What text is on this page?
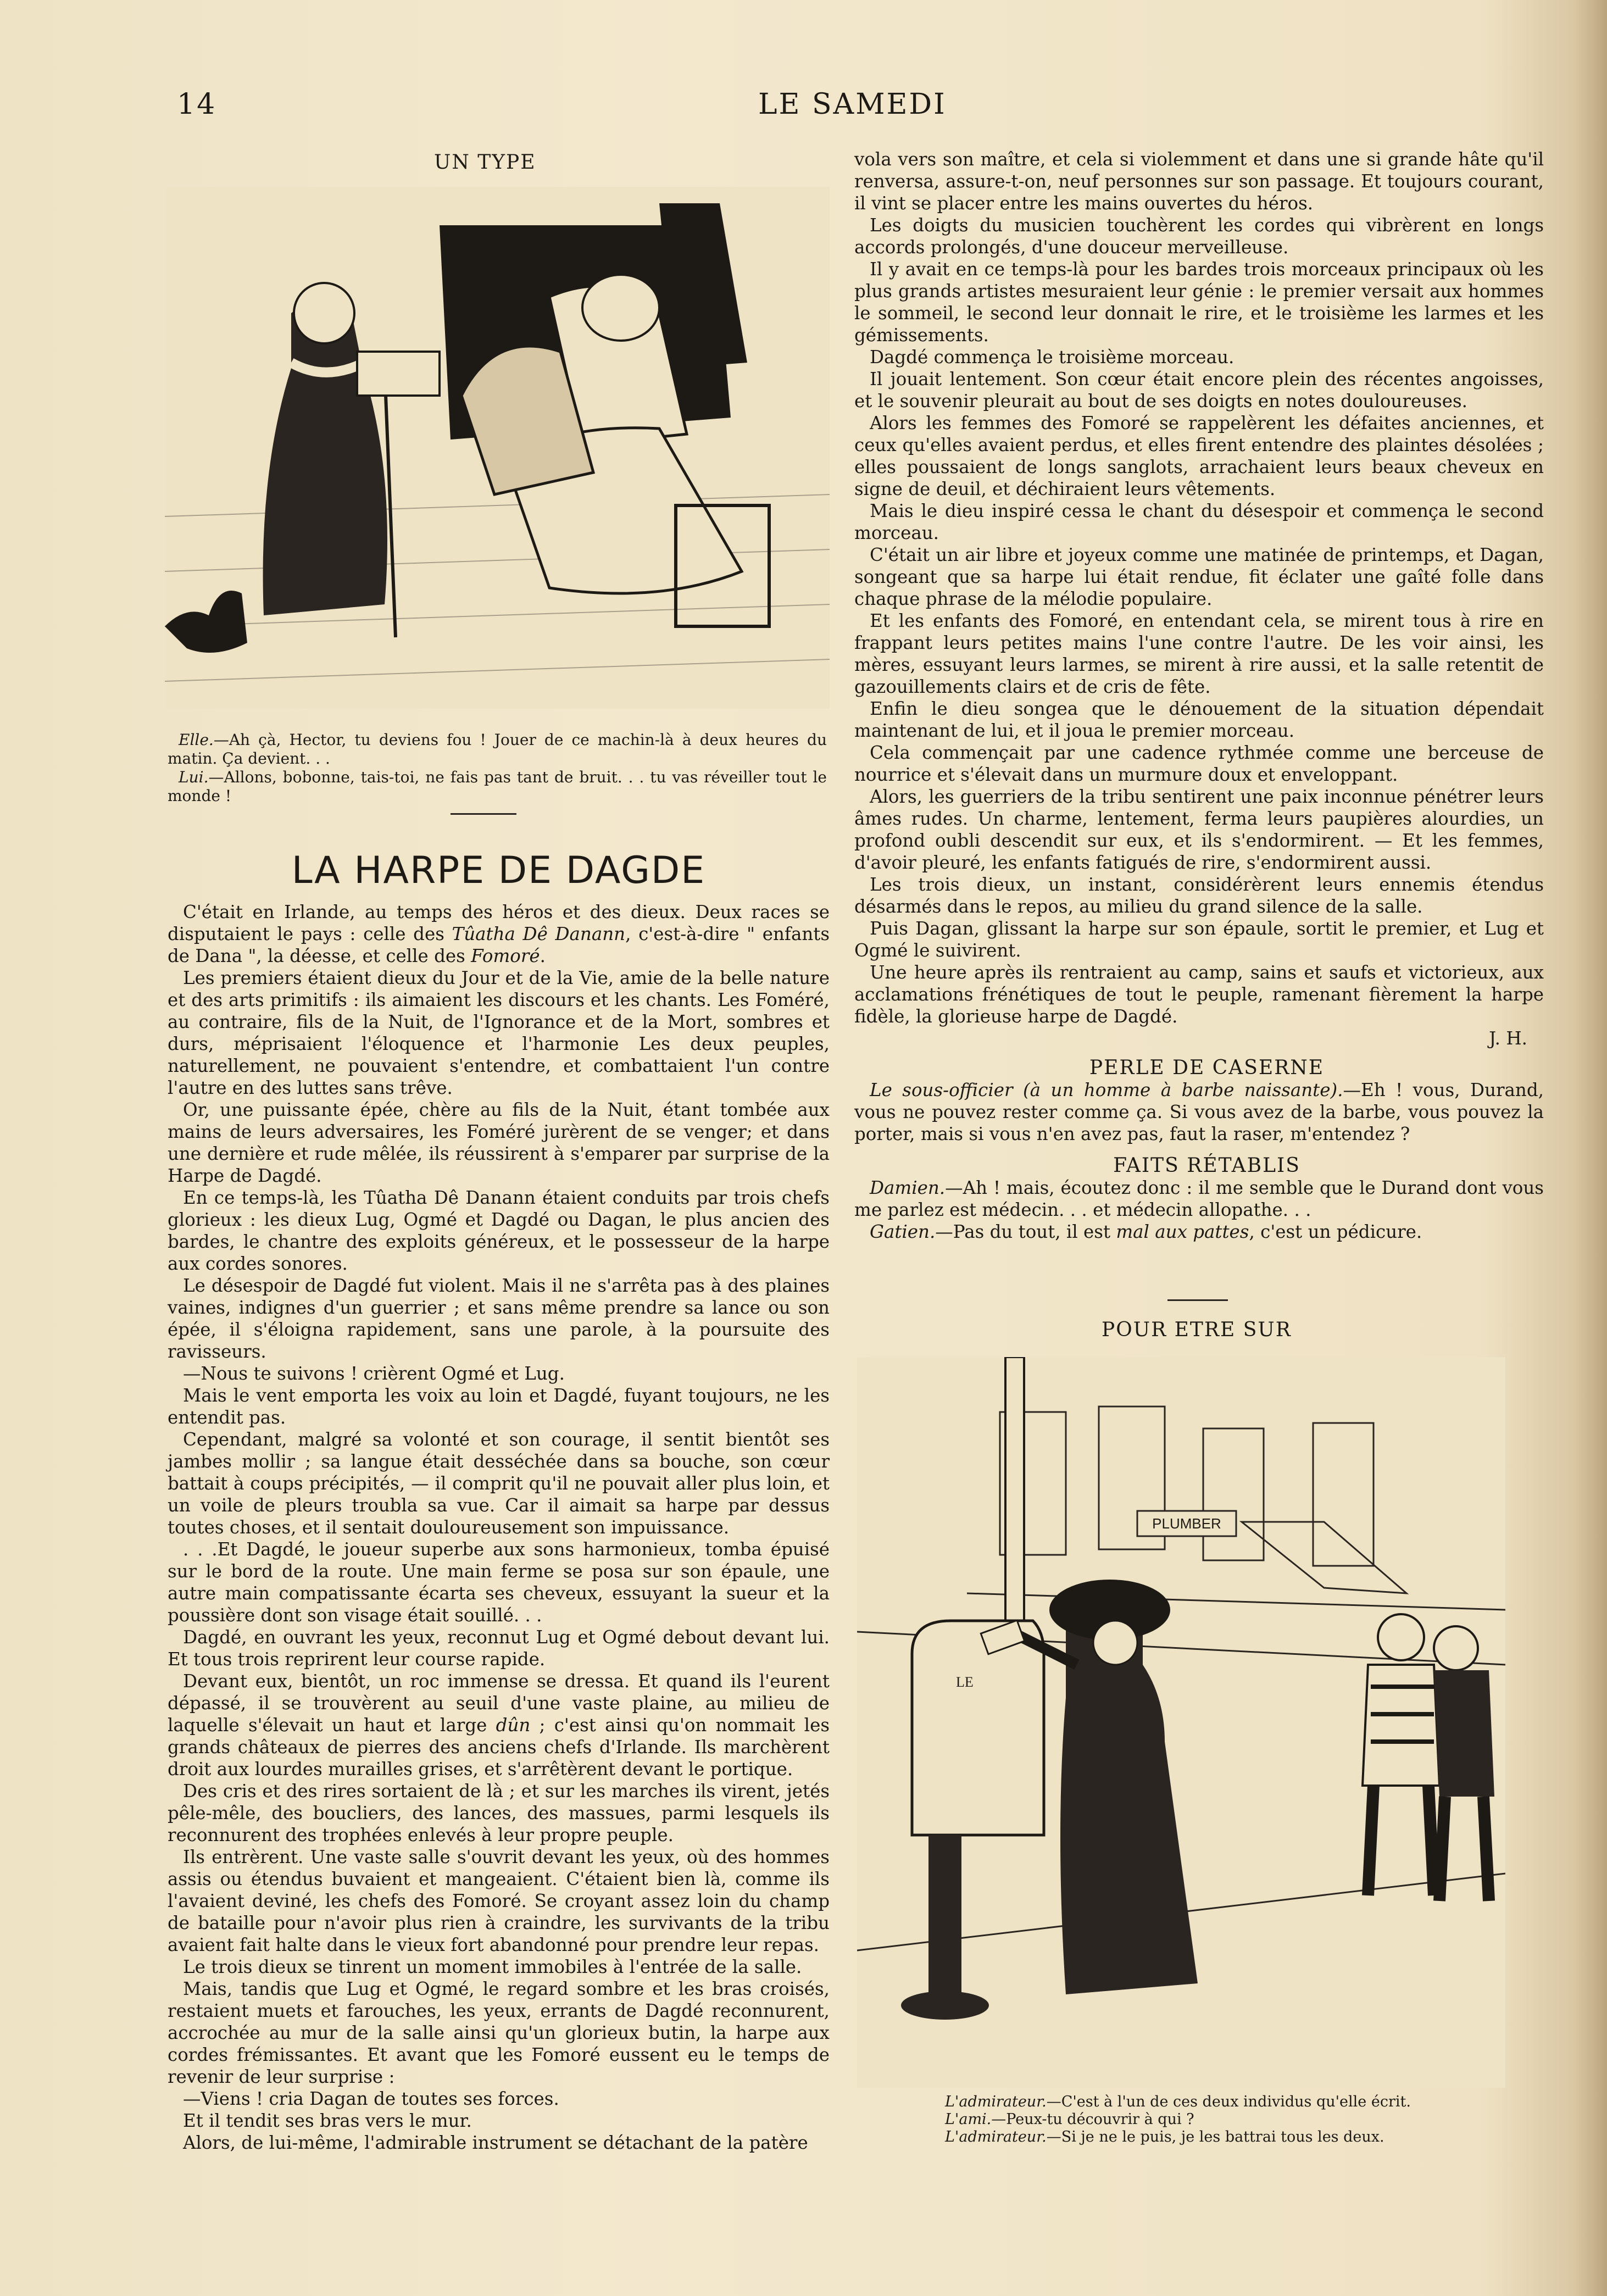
14	LE SAMEDI
UN TYPE

Elle.—Ah çà, Hector, tu deviens fou ! Jouer de ce machin-là à deux heures du matin. Ça devient. . .

Lui.—Allons, bobonne, tais-toi, ne fais pas tant de bruit. . . tu vas réveiller tout le monde !

LA HARPE DE DAGDE

C'était en Irlande, au temps des héros et des dieux. Deux races se disputaient le pays : celle des Tûatha Dê Danann, c'est-à-dire " enfants de Dana ", la déesse, et celle des Fomoré.

Les premiers étaient dieux du Jour et de la Vie, amie de la belle nature et des arts primitifs : ils aimaient les discours et les chants. Les Foméré, au contraire, fils de la Nuit, de l'Ignorance et de la Mort, sombres et durs, méprisaient l'éloquence et l'harmonie Les deux peuples, naturellement, ne pouvaient s'entendre, et combattaient l'un contre l'autre en des luttes sans trêve.

Or, une puissante épée, chère au fils de la Nuit, étant tombée aux mains de leurs adversaires, les Foméré jurèrent de se venger; et dans une dernière et rude mêlée, ils réussirent à s'emparer par surprise de la Harpe de Dagdé.

En ce temps-là, les Tûatha Dê Danann étaient conduits par trois chefs glorieux : les dieux Lug, Ogmé et Dagdé ou Dagan, le plus ancien des bardes, le chantre des exploits généreux, et le possesseur de la harpe aux cordes sonores.

Le désespoir de Dagdé fut violent. Mais il ne s'arrêta pas à des plaines vaines, indignes d'un guerrier ; et sans même prendre sa lance ou son épée, il s'éloigna rapidement, sans une parole, à la poursuite des ravisseurs.

—Nous te suivons ! crièrent Ogmé et Lug.

Mais le vent emporta les voix au loin et Dagdé, fuyant toujours, ne les entendit pas.

Cependant, malgré sa volonté et son courage, il sentit bientôt ses jambes mollir ; sa langue était desséchée dans sa bouche, son cœur battait à coups précipités, — il comprit qu'il ne pouvait aller plus loin, et un voile de pleurs troubla sa vue. Car il aimait sa harpe par dessus toutes choses, et il sentait douloureusement son impuissance.

. . .Et Dagdé, le joueur superbe aux sons harmonieux, tomba épuisé sur le bord de la route. Une main ferme se posa sur son épaule, une autre main compatissante écarta ses cheveux, essuyant la sueur et la poussière dont son visage était souillé. . .

Dagdé, en ouvrant les yeux, reconnut Lug et Ogmé debout devant lui. Et tous trois reprirent leur course rapide.

Devant eux, bientôt, un roc immense se dressa. Et quand ils l'eurent dépassé, il se trouvèrent au seuil d'une vaste plaine, au milieu de laquelle s'élevait un haut et large dûn ; c'est ainsi qu'on nommait les grands châteaux de pierres des anciens chefs d'Irlande. Ils marchèrent droit aux lourdes murailles grises, et s'arrêtèrent devant le portique.

Des cris et des rires sortaient de là ; et sur les marches ils virent, jetés pêle-mêle, des boucliers, des lances, des massues, parmi lesquels ils reconnurent des trophées enlevés à leur propre peuple.

Ils entrèrent. Une vaste salle s'ouvrit devant les yeux, où des hommes assis ou étendus buvaient et mangeaient. C'étaient bien là, comme ils l'avaient deviné, les chefs des Fomoré. Se croyant assez loin du champ de bataille pour n'avoir plus rien à craindre, les survivants de la tribu avaient fait halte dans le vieux fort abandonné pour prendre leur repas.

Le trois dieux se tinrent un moment immobiles à l'entrée de la salle.

Mais, tandis que Lug et Ogmé, le regard sombre et les bras croisés, restaient muets et farouches, les yeux, errants de Dagdé reconnurent, accrochée au mur de la salle ainsi qu'un glorieux butin, la harpe aux cordes frémissantes. Et avant que les Fomoré eussent eu le temps de revenir de leur surprise :

—Viens ! cria Dagan de toutes ses forces.

Et il tendit ses bras vers le mur.

Alors, de lui-même, l'admirable instrument se détachant de la patère

vola vers son maître, et cela si violemment et dans une si grande hâte qu'il renversa, assure-t-on, neuf personnes sur son passage. Et toujours courant, il vint se placer entre les mains ouvertes du héros.

Les doigts du musicien touchèrent les cordes qui vibrèrent en longs accords prolongés, d'une douceur merveilleuse.

Il y avait en ce temps-là pour les bardes trois morceaux principaux où les plus grands artistes mesuraient leur génie : le premier versait aux hommes le sommeil, le second leur donnait le rire, et le troisième les larmes et les gémissements.

Dagdé commença le troisième morceau.

Il jouait lentement. Son cœur était encore plein des récentes angoisses, et le souvenir pleurait au bout de ses doigts en notes douloureuses.

Alors les femmes des Fomoré se rappelèrent les défaites anciennes, et ceux qu'elles avaient perdus, et elles firent entendre des plaintes désolées ; elles poussaient de longs sanglots, arrachaient leurs beaux cheveux en signe de deuil, et déchiraient leurs vêtements.

Mais le dieu inspiré cessa le chant du désespoir et commença le second morceau.

C'était un air libre et joyeux comme une matinée de printemps, et Dagan, songeant que sa harpe lui était rendue, fit éclater une gaîté folle dans chaque phrase de la mélodie populaire.

Et les enfants des Fomoré, en entendant cela, se mirent tous à rire en frappant leurs petites mains l'une contre l'autre. De les voir ainsi, les mères, essuyant leurs larmes, se mirent à rire aussi, et la salle retentit de gazouillements clairs et de cris de fête.

Enfin le dieu songea que le dénouement de la situation dépendait maintenant de lui, et il joua le premier morceau.

Cela commençait par une cadence rythmée comme une berceuse de nourrice et s'élevait dans un murmure doux et enveloppant.

Alors, les guerriers de la tribu sentirent une paix inconnue pénétrer leurs âmes rudes. Un charme, lentement, ferma leurs paupières alourdies, un profond oubli descendit sur eux, et ils s'endormirent. — Et les femmes, d'avoir pleuré, les enfants fatigués de rire, s'endormirent aussi.

Les trois dieux, un instant, considérèrent leurs ennemis étendus désarmés dans le repos, au milieu du grand silence de la salle.

Puis Dagan, glissant la harpe sur son épaule, sortit le premier, et Lug et Ogmé le suivirent.

Une heure après ils rentraient au camp, sains et saufs et victorieux, aux acclamations frénétiques de tout le peuple, ramenant fièrement la harpe fidèle, la glorieuse harpe de Dagdé.

J. H.

PERLE DE CASERNE

Le sous-officier (à un homme à barbe naissante).—Eh ! vous, Durand, vous ne pouvez rester comme ça. Si vous avez de la barbe, vous pouvez la porter, mais si vous n'en avez pas, faut la raser, m'entendez ?

FAITS RÉTABLIS

Damien.—Ah ! mais, écoutez donc : il me semble que le Durand dont vous me parlez est médecin. . . et médecin allopathe. . .

Gatien.—Pas du tout, il est mal aux pattes, c'est un pédicure.

POUR ETRE SUR
PLUMBER
LE

L'admirateur.—C'est à l'un de ces deux individus qu'elle écrit.

L'ami.—Peux-tu découvrir à qui ?

L'admirateur.—Si je ne le puis, je les battrai tous les deux.
